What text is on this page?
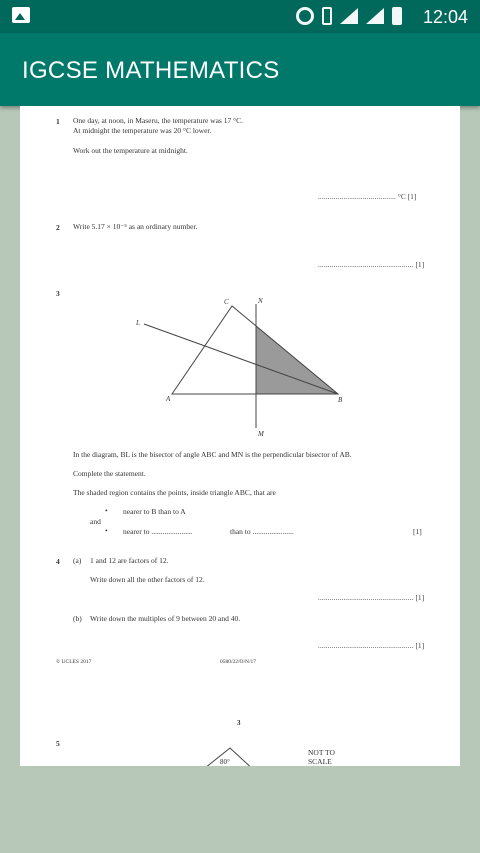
12:04
IGCSE MATHEMATICS
1 One day, at noon, in Maseru, the temperature was 17 °C.
At midnight the temperature was 20 °C lower.
Work out the temperature at midnight.
........................................ °C [1]
2 Write 5.17 × 10⁻⁵ as an ordinary number.
................................................. [1]
3
C	N
L
A	B
M
In the diagram, BL is the bisector of angle ABC and MN is the perpendicular bisector of AB.
Complete the statement.
The shaded region contains the points, inside triangle ABC, that are
• nearer to B than to A
and
• nearer to ......................	than to ......................	[1]
4 (a) 1 and 12 are factors of 12.
Write down all the other factors of 12.
................................................. [1]
(b) Write down the multiples of 9 between 20 and 40.
................................................. [1]
© UCLES 2017	0580/22/O/N/17
3
5
80°
NOT TO
SCALE
